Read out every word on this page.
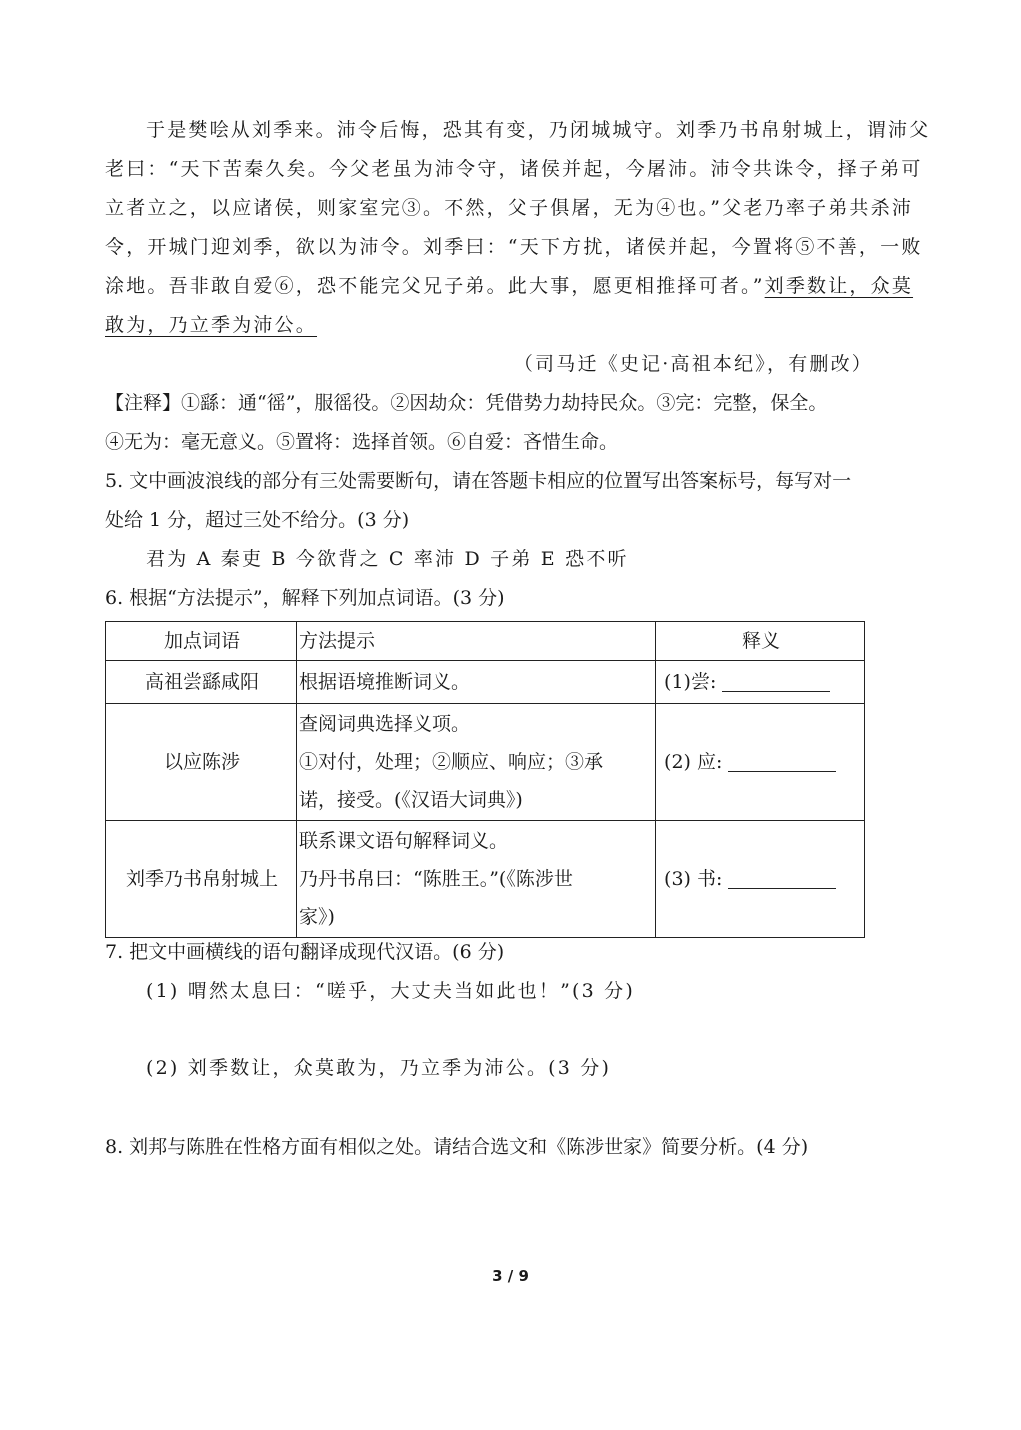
于是樊哙从刘季来。沛令后悔，恐其有变，乃闭城城守。刘季乃书帛射城上，谓沛父
老曰：“天下苦秦久矣。今父老虽为沛令守，诸侯并起，今屠沛。沛令共诛令，择子弟可
立者立之，以应诸侯，则家室完③。不然，父子俱屠，无为④也。”父老乃率子弟共杀沛
令，开城门迎刘季，欲以为沛令。刘季曰：“天下方扰，诸侯并起，今置将⑤不善，一败
涂地。吾非敢自爱⑥，恐不能完父兄子弟。此大事，愿更相推择可者。”刘季数让，众莫
敢为，乃立季为沛公。
（司马迁《史记·高祖本纪》，有删改）
【注释】①繇：通“徭”，服徭役。②因劫众：凭借势力劫持民众。③完：完整，保全。
④无为：毫无意义。⑤置将：选择首领。⑥自爱：吝惜生命。
5. 文中画波浪线的部分有三处需要断句，请在答题卡相应的位置写出答案标号，每写对一
处给 1 分，超过三处不给分。(3 分)
君为 A 秦吏 B 今欲背之 C 率沛 D 子弟 E 恐不听
6. 根据“方法提示”，解释下列加点词语。(3 分)
加点词语	方法提示	释义
高祖尝繇咸阳	根据语境推断词义。	(1)尝:
以应陈涉	查阅词典选择义项。
①对付，处理；②顺应、响应；③承
诺，接受。(《汉语大词典》)	(2) 应:
刘季乃书帛射城上	联系课文语句解释词义。
乃丹书帛曰：“陈胜王。”(《陈涉世
家》)	(3) 书:
7. 把文中画横线的语句翻译成现代汉语。(6 分)
(1) 喟然太息曰：“嗟乎，大丈夫当如此也！”(3 分)
(2) 刘季数让，众莫敢为，乃立季为沛公。(3 分)
8. 刘邦与陈胜在性格方面有相似之处。请结合选文和《陈涉世家》简要分析。(4 分)
3 / 9
